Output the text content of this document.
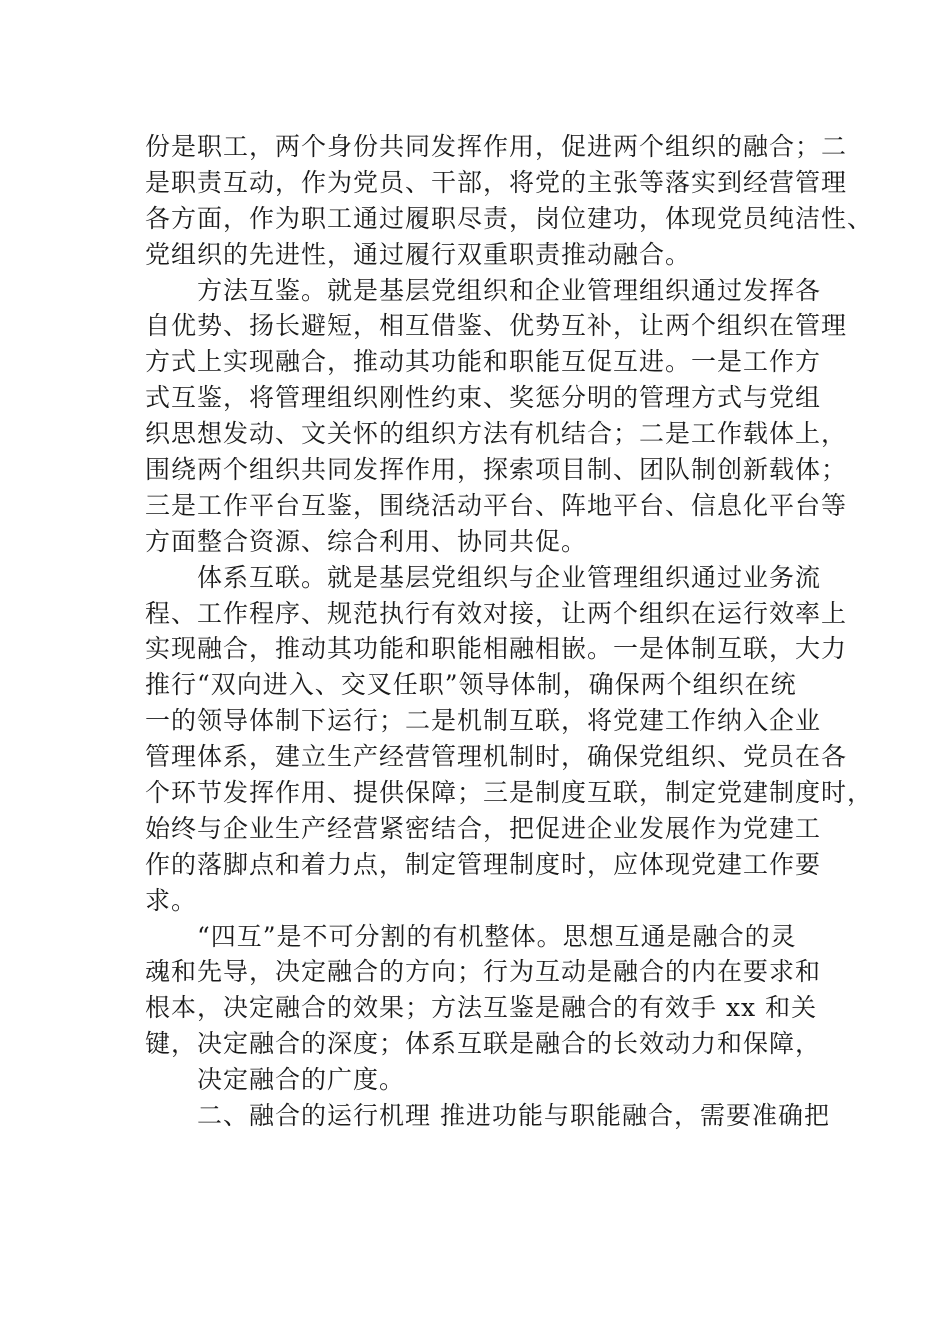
份是职工，两个身份共同发挥作用，促进两个组织的融合；二
是职责互动，作为党员、干部，将党的主张等落实到经营管理
各方面，作为职工通过履职尽责，岗位建功，体现党员纯洁性、
党组织的先进性，通过履行双重职责推动融合。
方法互鉴。就是基层党组织和企业管理组织通过发挥各
自优势、扬长避短，相互借鉴、优势互补，让两个组织在管理
方式上实现融合，推动其功能和职能互促互进。一是工作方
式互鉴，将管理组织刚性约束、奖惩分明的管理方式与党组
织思想发动、文关怀的组织方法有机结合；二是工作载体上，
围绕两个组织共同发挥作用，探索项目制、团队制创新载体；
三是工作平台互鉴，围绕活动平台、阵地平台、信息化平台等
方面整合资源、综合利用、协同共促。
体系互联。就是基层党组织与企业管理组织通过业务流
程、工作程序、规范执行有效对接，让两个组织在运行效率上
实现融合，推动其功能和职能相融相嵌。一是体制互联，大力
推行“双向进入、交叉任职”领导体制，确保两个组织在统
一的领导体制下运行；二是机制互联，将党建工作纳入企业
管理体系，建立生产经营管理机制时，确保党组织、党员在各
个环节发挥作用、提供保障；三是制度互联，制定党建制度时，
始终与企业生产经营紧密结合，把促进企业发展作为党建工
作的落脚点和着力点，制定管理制度时，应体现党建工作要
求。
“四互”是不可分割的有机整体。思想互通是融合的灵
魂和先导，决定融合的方向；行为互动是融合的内在要求和
根本，决定融合的效果；方法互鉴是融合的有效手 xx 和关
键，决定融合的深度；体系互联是融合的长效动力和保障，
决定融合的广度。
二、融合的运行机理 推进功能与职能融合，需要准确把
